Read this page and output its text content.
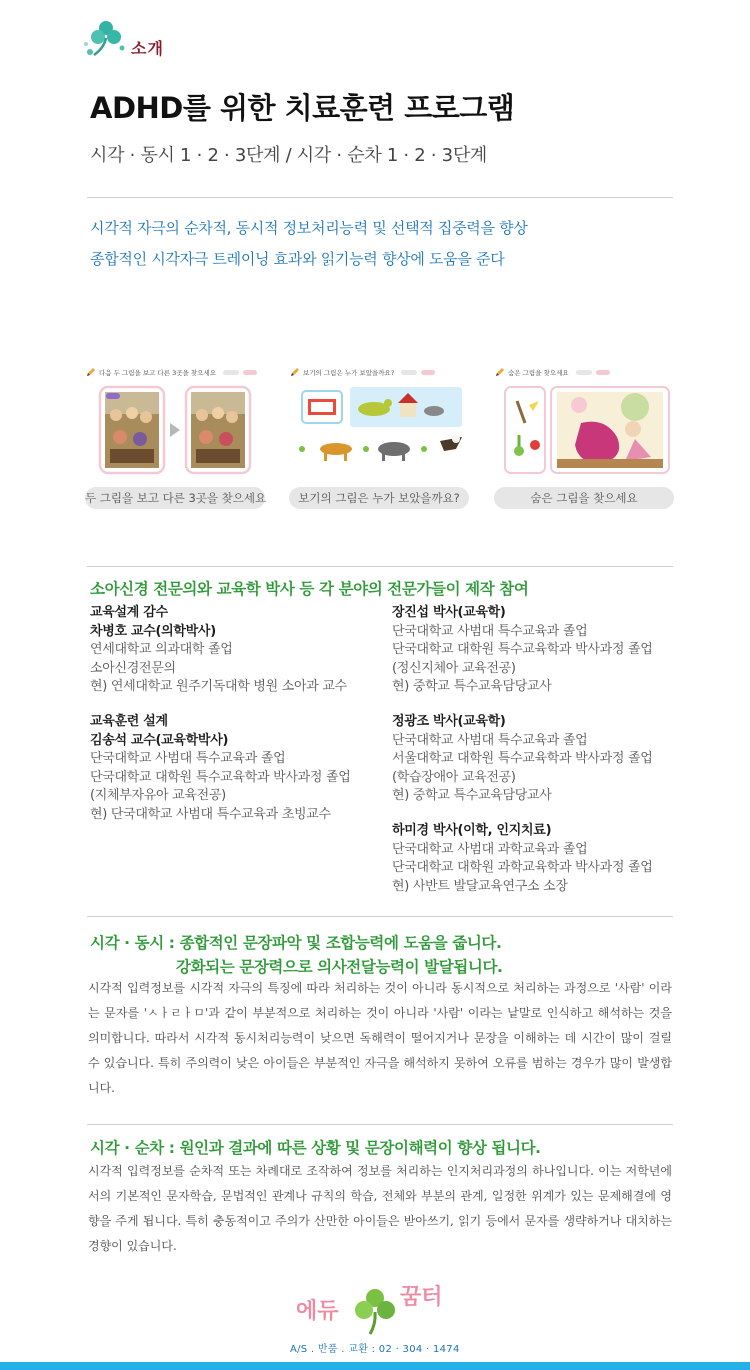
소개
ADHD를 위한 치료훈련 프로그램
시각 · 동시 1 · 2 · 3단계 / 시각 · 순차 1 · 2 · 3단계
시각적 자극의 순차적, 동시적 정보처리능력 및 선택적 집중력을 향상
종합적인 시각자극 트레이닝 효과와 읽기능력 향상에 도움을 준다
다음 두 그림을 보고 다른 3곳을 찾으세요
두 그림을 보고 다른 3곳을 찾으세요
보기의 그림은 누가 보았을까요?
보기의 그림은 누가 보았을까요?
숨은 그림을 찾으세요
숨은 그림을 찾으세요
소아신경 전문의와 교육학 박사 등 각 분야의 전문가들이 제작 참여
교육설계 감수
차병호 교수(의학박사)
연세대학교 의과대학 졸업
소아신경전문의
현) 연세대학교 원주기독대학 병원 소아과 교수
교육훈련 설계
김송석 교수(교육학박사)
단국대학교 사범대 특수교육과 졸업
단국대학교 대학원 특수교육학과 박사과정 졸업
(지체부자유아 교육전공)
현) 단국대학교 사범대 특수교육과 초빙교수
장진섭 박사(교육학)
단국대학교 사범대 특수교육과 졸업
단국대학교 대학원 특수교육학과 박사과정 졸업
(정신지체아 교육전공)
현) 중학교 특수교육담당교사
정광조 박사(교육학)
단국대학교 사범대 특수교육과 졸업
서울대학교 대학원 특수교육학과 박사과정 졸업
(학습장애아 교육전공)
현) 중학교 특수교육담당교사
하미경 박사(이학, 인지치료)
단국대학교 사범대 과학교육과 졸업
단국대학교 대학원 과학교육학과 박사과정 졸업
현) 사반트 발달교육연구소 소장
시각 · 동시 : 종합적인 문장파악 및 조합능력에 도움을 줍니다.
강화되는 문장력으로 의사전달능력이 발달됩니다.
시각적 입력정보를 시각적 자극의 특징에 따라 처리하는 것이 아니라 동시적으로 처리하는 과정으로 '사람' 이라는 문자를 'ㅅㅏㄹㅏㅁ'과 같이 부분적으로 처리하는 것이 아니라 '사람' 이라는 낱말로 인식하고 해석하는 것을 의미합니다. 따라서 시각적 동시처리능력이 낮으면 독해력이 떨어지거나 문장을 이해하는 데 시간이 많이 걸릴 수 있습니다. 특히 주의력이 낮은 아이들은 부분적인 자극을 해석하지 못하여 오류를 범하는 경우가 많이 발생합니다.
시각 · 순차 : 원인과 결과에 따른 상황 및 문장이해력이 향상 됩니다.
시각적 입력정보를 순차적 또는 차례대로 조작하여 정보를 처리하는 인지처리과정의 하나입니다. 이는 저학년에서의 기본적인 문자학습, 문법적인 관계나 규칙의 학습, 전체와 부분의 관계, 일정한 위계가 있는 문제해결에 영향을 주게 됩니다. 특히 충동적이고 주의가 산만한 아이들은 받아쓰기, 읽기 등에서 문자를 생략하거나 대치하는 경향이 있습니다.
에듀
꿈터
A/S . 반품 . 교환 : 02 · 304 · 1474
